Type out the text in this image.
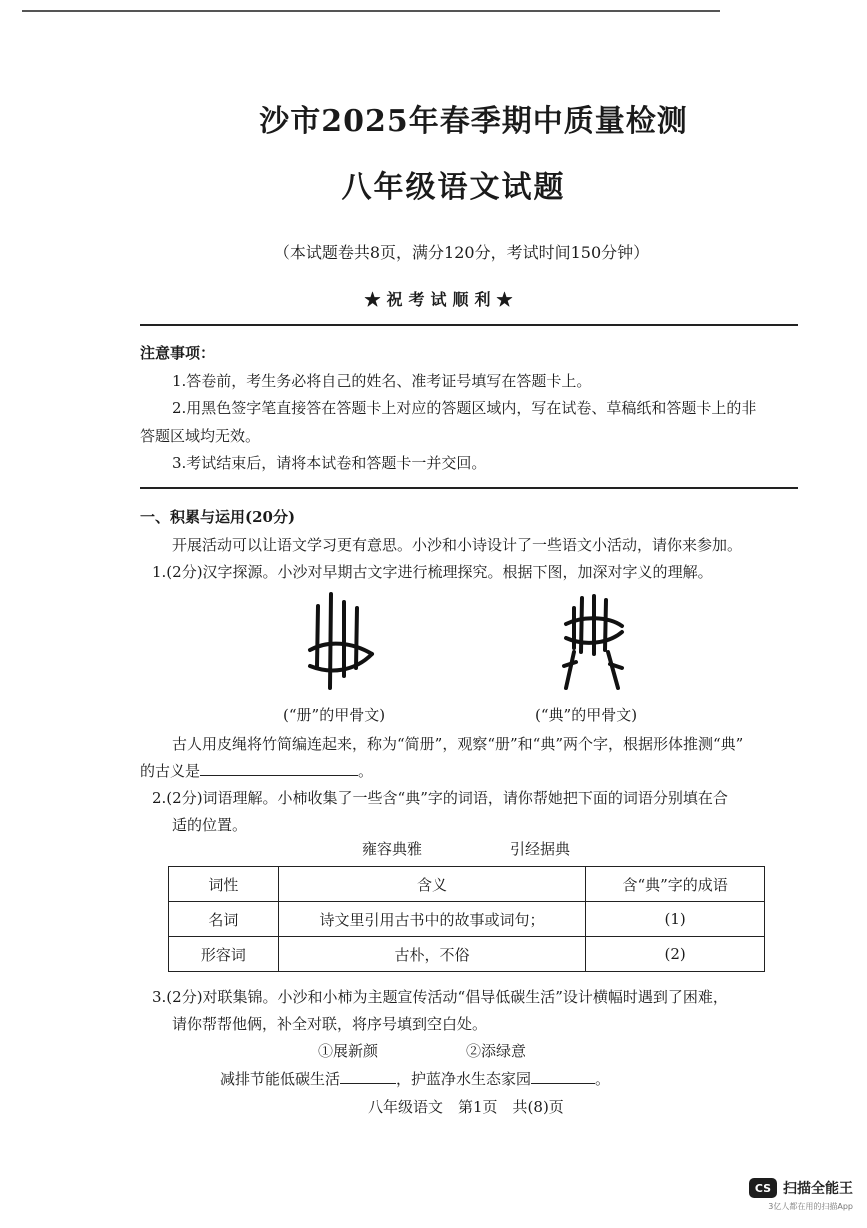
沙市2025年春季期中质量检测
八年级语文试题
（本试题卷共8页，满分120分，考试时间150分钟）
★祝考试顺利★
注意事项：
1.答卷前，考生务必将自己的姓名、准考证号填写在答题卡上。
2.用黑色签字笔直接答在答题卡上对应的答题区域内，写在试卷、草稿纸和答题卡上的非
答题区域均无效。
3.考试结束后，请将本试卷和答题卡一并交回。
一、积累与运用(20分)
开展活动可以让语文学习更有意思。小沙和小诗设计了一些语文小活动，请你来参加。
1.(2分)汉字探源。小沙对早期古文字进行梳理探究。根据下图，加深对字义的理解。
(“册”的甲骨文)	(“典”的甲骨文)
古人用皮绳将竹简编连起来，称为“简册”，观察“册”和“典”两个字，根据形体推测“典”
的古义是	。
2.(2分)词语理解。小柿收集了一些含“典”字的词语，请你帮她把下面的词语分别填在合
适的位置。
雍容典雅	引经据典
词性	含义	含“典”字的成语
名词	诗文里引用古书中的故事或词句；	(1)
形容词	古朴，不俗	(2)
3.(2分)对联集锦。小沙和小柿为主题宣传活动“倡导低碳生活”设计横幅时遇到了困难，
请你帮帮他俩，补全对联，将序号填到空白处。
①展新颜	②添绿意
减排节能低碳生活	，护蓝净水生态家园	。
八年级语文　第1页　共(8)页
CS 扫描全能王
3亿人都在用的扫描App
